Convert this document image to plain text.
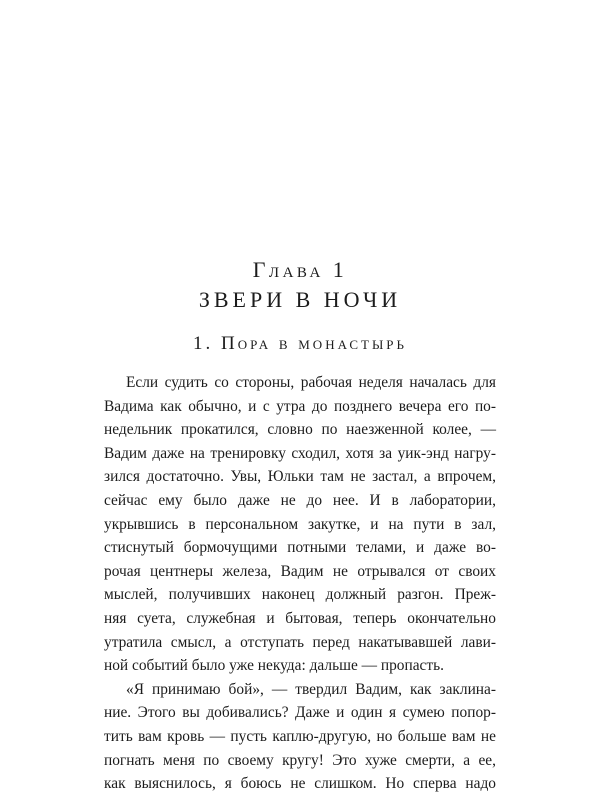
Глава 1
ЗВЕРИ В НОЧИ
1. Пора в монастырь
Если судить со стороны, рабочая неделя началась для
Вадима как обычно, и с утра до позднего вечера его по-
недельник прокатился, словно по наезженной колее, —
Вадим даже на тренировку сходил, хотя за уик-энд нагру-
зился достаточно. Увы, Юльки там не застал, а впрочем,
сейчас ему было даже не до нее. И в лаборатории,
укрывшись в персональном закутке, и на пути в зал,
стиснутый бормочущими потными телами, и даже во-
рочая центнеры железа, Вадим не отрывался от своих
мыслей, получивших наконец должный разгон. Преж-
няя суета, служебная и бытовая, теперь окончательно
утратила смысл, а отступать перед накатывавшей лави-
ной событий было уже некуда: дальше — пропасть.
«Я принимаю бой», — твердил Вадим, как заклина-
ние. Этого вы добивались? Даже и один я сумею попор-
тить вам кровь — пусть каплю-другую, но больше вам не
погнать меня по своему кругу! Это хуже смерти, а ее,
как выяснилось, я боюсь не слишком. Но сперва надо
